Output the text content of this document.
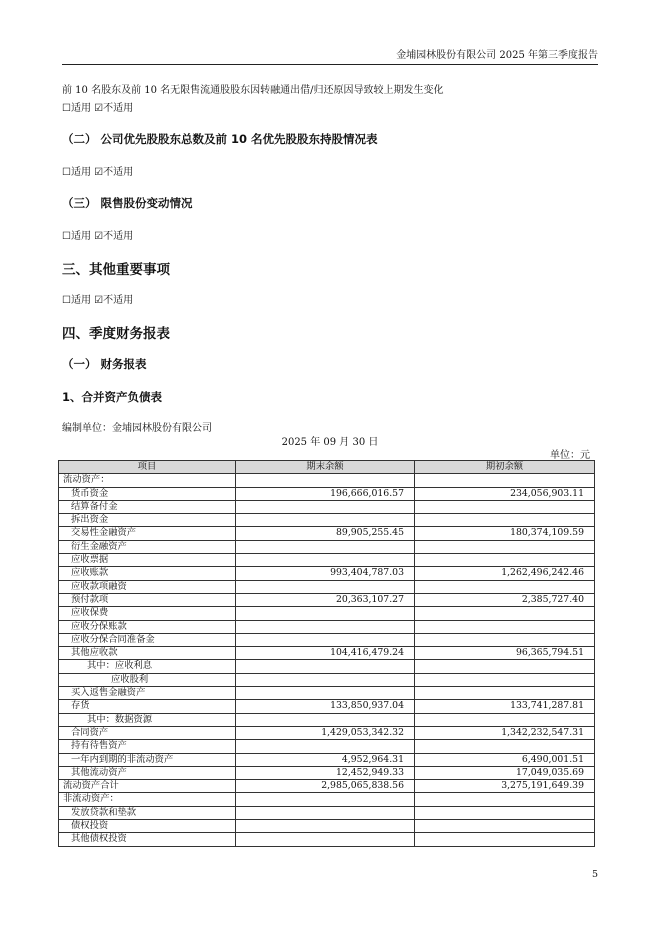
金埔园林股份有限公司 2025 年第三季度报告
前 10 名股东及前 10 名无限售流通股股东因转融通出借/归还原因导致较上期发生变化
☐适用 ☑不适用
（二） 公司优先股股东总数及前 10 名优先股股东持股情况表
☐适用 ☑不适用
（三） 限售股份变动情况
☐适用 ☑不适用
三、其他重要事项
☐适用 ☑不适用
四、季度财务报表
（一） 财务报表
1、合并资产负债表
编制单位：金埔园林股份有限公司
2025 年 09 月 30 日
单位：元
项目	期末余额	期初余额
流动资产：		
货币资金	196,666,016.57	234,056,903.11
结算备付金		
拆出资金		
交易性金融资产	89,905,255.45	180,374,109.59
衍生金融资产		
应收票据		
应收账款	993,404,787.03	1,262,496,242.46
应收款项融资		
预付款项	20,363,107.27	2,385,727.40
应收保费		
应收分保账款		
应收分保合同准备金		
其他应收款	104,416,479.24	96,365,794.51
其中：应收利息		
应收股利		
买入返售金融资产		
存货	133,850,937.04	133,741,287.81
其中：数据资源		
合同资产	1,429,053,342.32	1,342,232,547.31
持有待售资产		
一年内到期的非流动资产	4,952,964.31	6,490,001.51
其他流动资产	12,452,949.33	17,049,035.69
流动资产合计	2,985,065,838.56	3,275,191,649.39
非流动资产：		
发放贷款和垫款		
债权投资		
其他债权投资		
5
